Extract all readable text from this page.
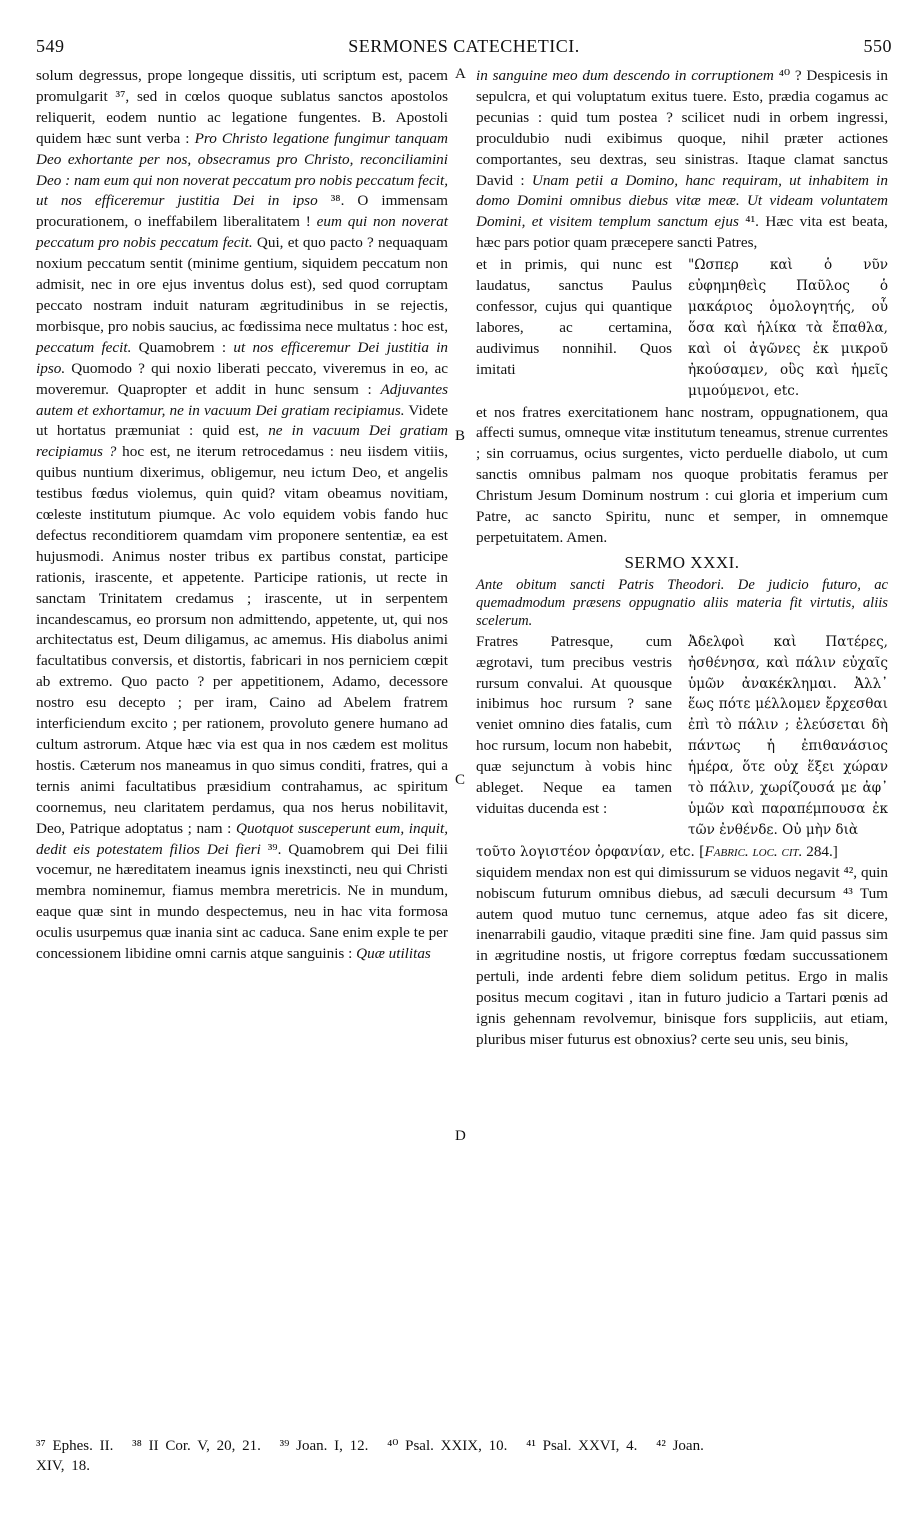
549	SERMONES CATECHETICI.	550
A
B
C
D

solum degressus, prope longeque dissitis, uti scriptum est, pacem promulgarit ³⁷, sed in cœlos quoque sublatus sanctos apostolos reliquerit, eodem nuntio ac legatione fungentes. B. Apostoli quidem hæc sunt verba : Pro Christo legatione fungimur tanquam Deo exhortante per nos, obsecramus pro Christo, reconciliamini Deo : nam eum qui non noverat peccatum pro nobis peccatum fecit, ut nos efficeremur justitia Dei in ipso ³⁸. O immensam procurationem, o ineffabilem liberalitatem ! eum qui non noverat peccatum pro nobis peccatum fecit. Qui, et quo pacto ? nequaquam noxium peccatum sentit (minime gentium, siquidem peccatum non admisit, nec in ore ejus inventus dolus est), sed quod corruptam peccato nostram induit naturam ægritudinibus in se rejectis, morbisque, pro nobis saucius, ac fœdissima nece multatus : hoc est, peccatum fecit. Quamobrem : ut nos efficeremur Dei justitia in ipso. Quomodo ? qui noxio liberati peccato, viveremus in eo, ac moveremur. Quapropter et addit in hunc sensum : Adjuvantes autem et exhortamur, ne in vacuum Dei gratiam recipiamus. Videte ut hortatus præmuniat : quid est, ne in vacuum Dei gratiam recipiamus ? hoc est, ne iterum retrocedamus : neu iisdem vitiis, quibus nuntium dixerimus, obligemur, neu ictum Deo, et angelis testibus fœdus violemus, quin quid? vitam obeamus novitiam, cœleste institutum piumque. Ac volo equidem vobis fando huc defectus reconditiorem quamdam vim proponere sententiæ, ea est hujusmodi. Animus noster tribus ex partibus constat, participe rationis, irascente, et appetente. Participe rationis, ut recte in sanctam Trinitatem credamus ; irascente, ut in serpentem incandescamus, eo prorsum non admittendo, appetente, ut, qui nos architectatus est, Deum diligamus, ac amemus. His diabolus animi facultatibus conversis, et distortis, fabricari in nos perniciem cœpit ab extremo. Quo pacto ? per appetitionem, Adamo, decessore nostro esu decepto ; per iram, Caino ad Abelem fratrem interficiendum excito ; per rationem, provoluto genere humano ad cultum astrorum. Atque hæc via est qua in nos cædem est molitus hostis. Cæterum nos maneamus in quo simus conditi, fratres, qui a ternis animi facultatibus præsidium contrahamus, ac spiritum coornemus, neu claritatem perdamus, qua nos herus nobilitavit, Deo, Patrique adoptatus ; nam : Quotquot susceperunt eum, inquit, dedit eis potestatem filios Dei fieri ³⁹. Quamobrem qui Dei filii vocemur, ne hæreditatem ineamus ignis inexstincti, neu qui Christi membra nominemur, fiamus membra meretricis. Ne in mundum, eaque quæ sint in mundo despectemus, neu in hac vita formosa oculis usurpemus quæ inania sint ac caduca. Sane enim exple te per concessionem libidine omni carnis atque sanguinis : Quæ utilitas

in sanguine meo dum descendo in corruptionem ⁴⁰ ? Despicesis in sepulcra, et qui voluptatum exitus tuere. Esto, prædia cogamus ac pecunias : quid tum postea ? scilicet nudi in orbem ingressi, proculdubio nudi exibimus quoque, nihil præter actiones comportantes, seu dextras, seu sinistras. Itaque clamat sanctus David : Unam petii a Domino, hanc requiram, ut inhabitem in domo Domini omnibus diebus vitæ meæ. Ut videam voluntatem Domini, et visitem templum sanctum ejus ⁴¹. Hæc vita est beata, hæc pars potior quam præcepere sancti Patres,

et in primis, qui nunc est laudatus, sanctus Paulus confessor, cujus qui quantique labores, ac certamina, audivimus nonnihil. Quos imitati
"Ωσπερ καὶ ὁ νῦν εὐφημηθεὶς Παῦλος ὁ μακάριος ὁμολογητής, οὗ ὅσα καὶ ἡλίκα τὰ ἔπαθλα, καὶ οἱ ἀγῶνες ἐκ μικροῦ ἠκούσαμεν, οὓς καὶ ἡμεῖς μιμούμενοι, etc.

et nos fratres exercitationem hanc nostram, oppugnationem, qua affecti sumus, omneque vitæ institutum teneamus, strenue currentes ; sin corruamus, ocius surgentes, victo perduelle diabolo, ut cum sanctis omnibus palmam nos quoque probitatis feramus per Christum Jesum Dominum nostrum : cui gloria et imperium cum Patre, ac sancto Spiritu, nunc et semper, in omnemque perpetuitatem. Amen.

SERMO XXXI.
Ante obitum sancti Patris Theodori. De judicio futuro, ac quemadmodum præsens oppugnatio aliis materia fit virtutis, aliis scelerum.
Fratres Patresque, cum ægrotavi, tum precibus vestris rursum convalui. At quousque inibimus hoc rursum ? sane veniet omnino dies fatalis, cum hoc rursum, locum non habebit, quæ sejunctum à vobis hinc ableget. Neque ea tamen viduitas ducenda est :
Ἀδελφοὶ καὶ Πατέρες, ἠσθένησα, καὶ πάλιν εὐχαῖς ὑμῶν ἀνακέκλημαι. Ἀλλ᾽ ἕως πότε μέλλομεν ἔρχεσθαι ἐπὶ τὸ πάλιν ; ἐλεύσεται δὴ πάντως ἡ ἐπιθανάσιος ἡμέρα, ὅτε οὐχ ἕξει χώραν τὸ πάλιν, χωρίζουσά με ἀφ᾽ ὑμῶν καὶ παραπέμπουσα ἐκ τῶν ἐνθένδε. Οὐ μὴν διὰ

τοῦτο λογιστέον ὀρφανίαν, etc. [Fabric. loc. cit. 284.]

siquidem mendax non est qui dimissurum se viduos negavit ⁴², quin nobiscum futurum omnibus diebus, ad sæculi decursum ⁴³ Tum autem quod mutuo tunc cernemus, atque adeo fas sit dicere, inenarrabili gaudio, vitaque præditi sine fine. Jam quid passus sim in ægritudine nostis, ut frigore correptus fœdam succussationem pertuli, inde ardenti febre diem solidum petitus. Ergo in malis positus mecum cogitavi , itan in futuro judicio a Tartari pœnis ad ignis gehennam revolvemur, binisque fors suppliciis, aut etiam, pluribus miser futurus est obnoxius? certe seu unis, seu binis,

³⁷ Ephes. II. ³⁸ II Cor. V, 20, 21. ³⁹ Joan. I, 12. ⁴⁰ Psal. XXIX, 10. ⁴¹ Psal. XXVI, 4. ⁴² Joan.
XIV, 18.
